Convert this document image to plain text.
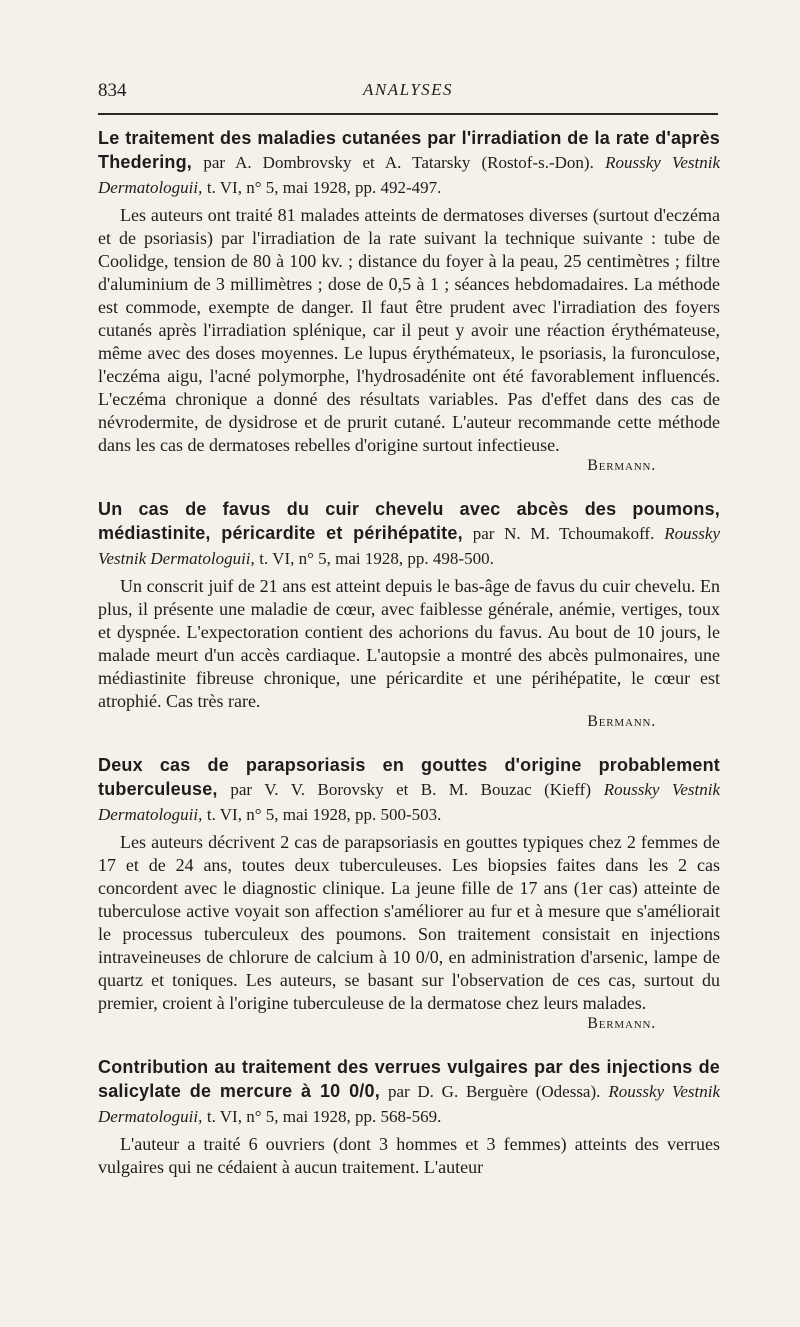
834	ANALYSES

Le traitement des maladies cutanées par l'irradiation de la rate d'après Thedering, par A. Dombrovsky et A. Tatarsky (Rostof-s.-Don). Roussky Vestnik Dermatologuii, t. VI, n° 5, mai 1928, pp. 492-497.

Les auteurs ont traité 81 malades atteints de dermatoses diverses (surtout d'eczéma et de psoriasis) par l'irradiation de la rate suivant la technique suivante : tube de Coolidge, tension de 80 à 100 kv. ; distance du foyer à la peau, 25 centimètres ; filtre d'aluminium de 3 millimètres ; dose de 0,5 à 1 ; séances hebdomadaires. La méthode est commode, exempte de danger. Il faut être prudent avec l'irradiation des foyers cutanés après l'irradiation splénique, car il peut y avoir une réaction érythémateuse, même avec des doses moyennes. Le lupus érythémateux, le psoriasis, la furonculose, l'eczéma aigu, l'acné polymorphe, l'hydrosadénite ont été favorablement influencés. L'eczéma chronique a donné des résultats variables. Pas d'effet dans des cas de névrodermite, de dysidrose et de prurit cutané. L'auteur recommande cette méthode dans les cas de dermatoses rebelles d'origine surtout infectieuse.

Bermann.

Un cas de favus du cuir chevelu avec abcès des poumons, médiastinite, péricardite et périhépatite, par N. M. Tchoumakoff. Roussky Vestnik Dermatologuii, t. VI, n° 5, mai 1928, pp. 498-500.

Un conscrit juif de 21 ans est atteint depuis le bas-âge de favus du cuir chevelu. En plus, il présente une maladie de cœur, avec faiblesse générale, anémie, vertiges, toux et dyspnée. L'expectoration contient des achorions du favus. Au bout de 10 jours, le malade meurt d'un accès cardiaque. L'autopsie a montré des abcès pulmonaires, une médiastinite fibreuse chronique, une péricardite et une périhépatite, le cœur est atrophié. Cas très rare.

Bermann.

Deux cas de parapsoriasis en gouttes d'origine probablement tuberculeuse, par V. V. Borovsky et B. M. Bouzac (Kieff) Roussky Vestnik Dermatologuii, t. VI, n° 5, mai 1928, pp. 500-503.

Les auteurs décrivent 2 cas de parapsoriasis en gouttes typiques chez 2 femmes de 17 et de 24 ans, toutes deux tuberculeuses. Les biopsies faites dans les 2 cas concordent avec le diagnostic clinique. La jeune fille de 17 ans (1er cas) atteinte de tuberculose active voyait son affection s'améliorer au fur et à mesure que s'améliorait le processus tuberculeux des poumons. Son traitement consistait en injections intraveineuses de chlorure de calcium à 10 0/0, en administration d'arsenic, lampe de quartz et toniques. Les auteurs, se basant sur l'observation de ces cas, surtout du premier, croient à l'origine tuberculeuse de la dermatose chez leurs malades.

Bermann.

Contribution au traitement des verrues vulgaires par des injections de salicylate de mercure à 10 0/0, par D. G. Berguère (Odessa). Roussky Vestnik Dermatologuii, t. VI, n° 5, mai 1928, pp. 568-569.

L'auteur a traité 6 ouvriers (dont 3 hommes et 3 femmes) atteints des verrues vulgaires qui ne cédaient à aucun traitement. L'auteur
